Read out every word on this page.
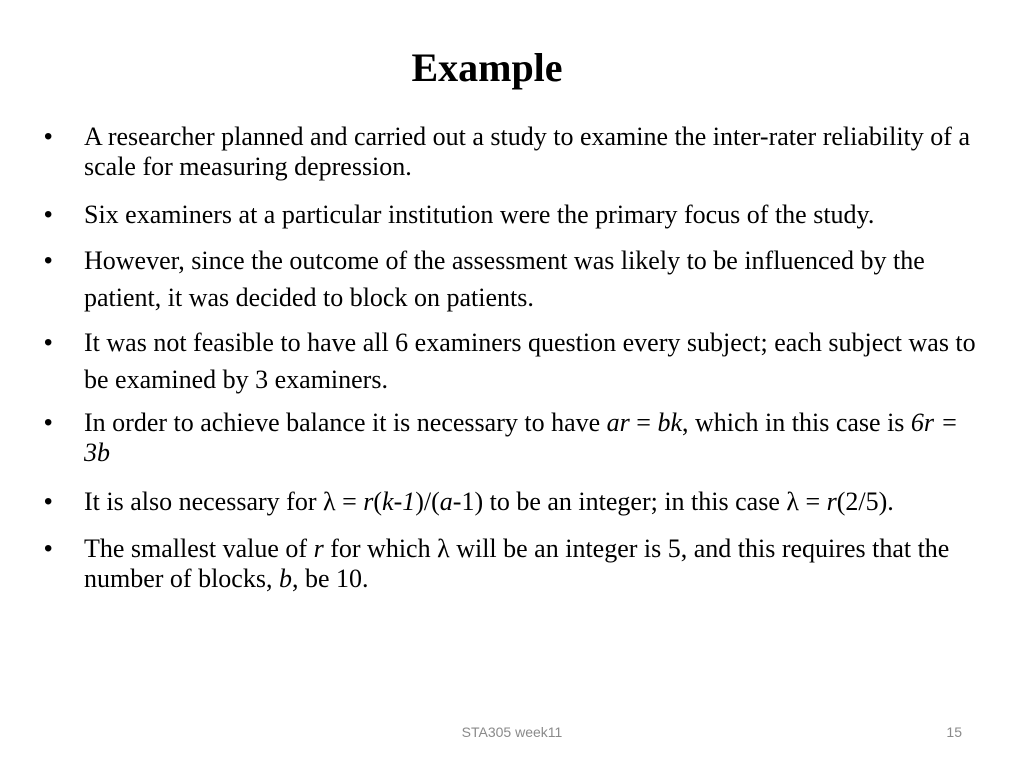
Example
• A researcher planned and carried out a study to examine the inter-rater reliability of a scale for measuring depression.
• Six examiners at a particular institution were the primary focus of the study.
• However, since the outcome of the assessment was likely to be influenced by the patient, it was decided to block on patients.
• It was not feasible to have all 6 examiners question every subject; each subject was to be examined by 3 examiners.
• In order to achieve balance it is necessary to have ar = bk, which in this case is 6r = 3b
• It is also necessary for λ = r(k-1)/(a-1) to be an integer; in this case λ = r(2/5).
• The smallest value of r for which λ will be an integer is 5, and this requires that the number of blocks, b, be 10.
STA305 week11	15
